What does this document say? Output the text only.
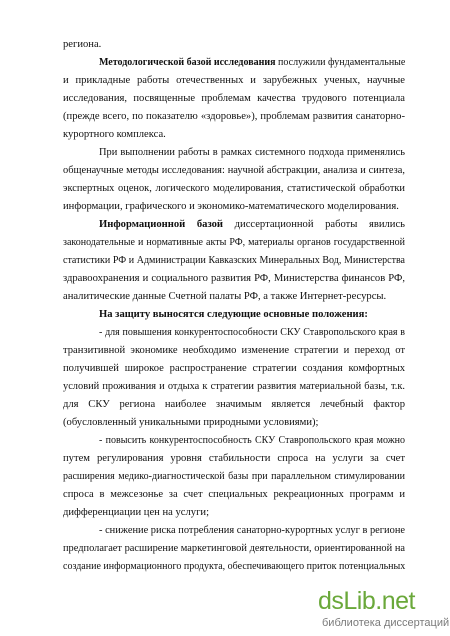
региона.
Методологической базой исследования послужили фундаментальные
и прикладные работы отечественных и зарубежных ученых, научные
исследования, посвященные проблемам качества трудового потенциала
(прежде всего, по показателю «здоровье»), проблемам развития санаторно-
курортного комплекса.
При выполнении работы в рамках системного подхода применялись
общенаучные методы исследования: научной абстракции, анализа и синтеза,
экспертных оценок, логического моделирования, статистической обработки
информации, графического и экономико-математического моделирования.
Информационной базой диссертационной работы явились
законодательные и нормативные акты РФ, материалы органов государственной
статистики РФ и Администрации Кавказских Минеральных Вод, Министерства
здравоохранения и социального развития РФ, Министерства финансов РФ,
аналитические данные Счетной палаты РФ, а также Интернет-ресурсы.
На защиту выносятся следующие основные положения:
- для повышения конкурентоспособности СКУ Ставропольского края в
транзитивной экономике необходимо изменение стратегии и переход от
получившей широкое распространение стратегии создания комфортных
условий проживания и отдыха к стратегии развития материальной базы, т.к.
для СКУ региона наиболее значимым является лечебный фактор
(обусловленный уникальными природными условиями);
- повысить конкурентоспособность СКУ Ставропольского края можно
путем регулирования уровня стабильности спроса на услуги за счет
расширения медико-диагностической базы при параллельном стимулировании
спроса в межсезонье за счет специальных рекреационных программ и
дифференциации цен на услуги;
- снижение риска потребления санаторно-курортных услуг в регионе
предполагает расширение маркетинговой деятельности, ориентированной на
создание информационного продукта, обеспечивающего приток потенциальных
dsLib.net
библиотека диссертаций
